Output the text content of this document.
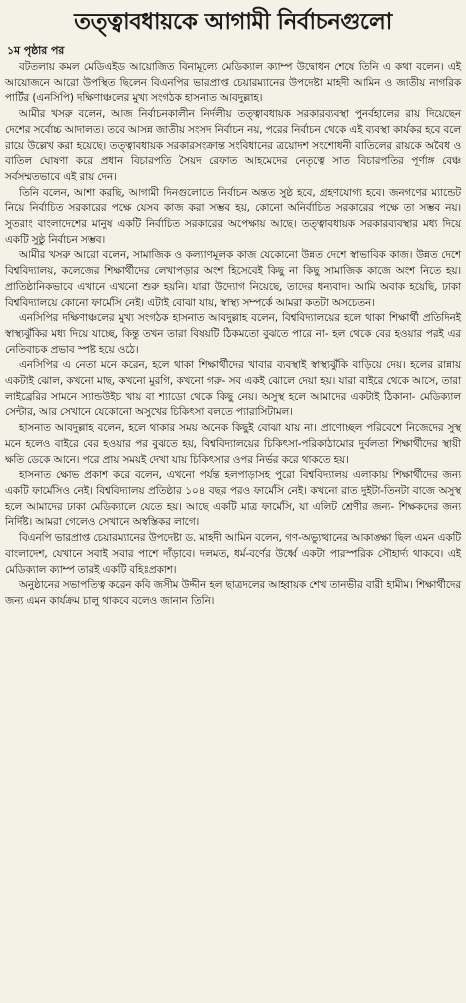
তত্ত্বাবধায়কে আগামী নির্বাচনগুলো
১ম পৃষ্ঠার পর

বটতলায় কমল মেডিএইড আয়োজিত বিনামূল্যে মেডিক্যাল ক্যাম্প উদ্বোধন শেষে তিনি এ কথা বলেন। এই আয়োজনে আরো উপস্থিত ছিলেন বিএনপির ভারপ্রাপ্ত চেয়ারম্যানের উপদেষ্টা মাহদী আমিন ও জাতীয় নাগরিক পার্টির (এনসিপি) দক্ষিণাঞ্চলের মুখ্য সংগঠক হাসনাত আবদুল্লাহ।

আমীর খসরু বলেন, আজ নির্বাচনকালীন নির্দলীয় তত্ত্বাবধায়ক সরকারব্যবস্থা পুনর্বহালের রায় দিয়েছেন দেশের সর্বোচ্চ আদালত। তবে আসন্ন জাতীয় সংসদ নির্বাচন নয়, পরের নির্বাচন থেকে এই ব্যবস্থা কার্যকর হবে বলে রায়ে উল্লেখ করা হয়েছে। তত্ত্বাবধায়ক সরকারসংক্রান্ত সংবিধানের ত্রয়োদশ সংশোধনী বাতিলের রায়কে অবৈধ ও বাতিল ঘোষণা করে প্রধান বিচারপতি সৈয়দ রেফাত আহমেদের নেতৃত্বে সাত বিচারপতির পূর্ণাঙ্গ বেঞ্চ সর্বসম্মতভাবে এই রায় দেন।

তিনি বলেন, আশা করছি, আগামী দিনগুলোতে নির্বাচন অন্তত সুষ্ঠ হবে, গ্রহণযোগ্য হবে। জনগণের ম্যান্ডেট নিয়ে নির্বাচিত সরকারের পক্ষে যেসব কাজ করা সম্ভব হয়, কোনো অনির্বাচিত সরকারের পক্ষে তা সম্ভব নয়। সুতরাং বাংলাদেশের মানুষ একটি নির্বাচিত সরকারের অপেক্ষায় আছে। তত্ত্বাবধায়ক সরকারব্যবস্থার মধ্য দিয়ে একটি সুষ্ঠু নির্বাচন সম্ভব।

আমীর খসরু আরো বলেন, সামাজিক ও কল্যাণমূলক কাজ যেকোনো উন্নত দেশে স্বাভাবিক কাজ। উন্নত দেশে বিশ্ববিদ্যালয়, কলেজের শিক্ষার্থীদের লেখাপড়ার অংশ হিসেবেই কিছু না কিছু সামাজিক কাজে অংশ নিতে হয়। প্রাতিষ্ঠানিকভাবে এখানে এখনো শুরু হয়নি। যারা উদ্যোগ নিয়েছে, তাদের ধন্যবাদ। আমি অবাক হয়েছি, ঢাকা বিশ্ববিদ্যালয়ে কোনো ফার্মেসি নেই। এটাই বোঝা যায়, স্বাস্থ্য সম্পর্কে আমরা কতটা অসচেতন।

এনসিপির দক্ষিণাঞ্চলের মুখ্য সংগঠক হাসনাত আবদুল্লাহ বলেন, বিশ্ববিদ্যালয়ের হলে থাকা শিক্ষার্থী প্রতিদিনই স্বাস্থ্যঝুঁকির মধ্য দিয়ে যাচ্ছে, কিন্তু তখন তারা বিষয়টি ঠিকমতো বুঝতে পারে না- হল থেকে বের হওয়ার পরই এর নেতিবাচক প্রভাব স্পষ্ট হয়ে ওঠে।

এনসিপির এ নেতা মনে করেন, হলে থাকা শিক্ষার্থীদের খাবার ব্যবস্থাই স্বাস্থ্যঝুঁকি বাড়িয়ে দেয়। হলের রান্নায় একটাই ঝোল, কখনো মাছ, কখনো মুরগি, কখনো গরু- সব একই ঝোলে দেয়া হয়। যারা বাইরে থেকে আসে, তারা লাইব্রেরির সামনে স্যান্ডউইচ খায় বা শ্যাডো থেকে কিছু নেয়। অসুস্থ হলে আমাদের একটাই ঠিকানা- মেডিক্যাল সেন্টার, আর সেখানে যেকোনো অসুখের চিকিৎসা বলতে প্যারাসিটামল।

হাসনাত আবদুল্লাহ বলেন, হলে থাকার সময় অনেক কিছুই বোঝা যায় না। প্রাণোচ্ছল পরিবেশে নিজেদের সুস্থ মনে হলেও বাইরে বের হওয়ার পর বুঝতে হয়, বিশ্ববিদ্যালয়ের চিকিৎসা-পরিকাঠামোর দুর্বলতা শিক্ষার্থীদের স্থায়ী ক্ষতি ডেকে আনে। পরে প্রায় সময়ই দেখা যায় চিকিৎসার ওপর নির্ভর করে থাকতে হয়।

হাসনাত ক্ষোভ প্রকাশ করে বলেন, এখনো পর্যন্ত হলপাড়াসহ পুরো বিশ্ববিদ্যালয় এলাকায় শিক্ষার্থীদের জন্য একটি ফার্মেসিও নেই। বিশ্ববিদ্যালয় প্রতিষ্ঠার ১০৪ বছর পরও ফার্মেসি নেই। কখনো রাত দুইটা-তিনটা বাজে অসুস্থ হলে আমাদের ঢাকা মেডিক্যালে যেতে হয়। আছে একটি মাত্র ফার্মেসি, যা এলিট শ্রেণীর জন্য- শিক্ষকদের জন্য নির্দিষ্ট। আমরা গেলেও সেখানে অস্বস্তিকর লাগে।

বিএনপি ভারপ্রাপ্ত চেয়ারম্যানের উপদেষ্টা ড. মাহদী আমিন বলেন, গণ-অভ্যুত্থানের আকাঙ্ক্ষা ছিল এমন একটি বাংলাদেশ, যেখানে সবাই সবার পাশে দাঁড়াবে। দলমত, ধর্ম-বর্ণের উর্ধ্বে একটা পারস্পরিক সৌহার্দ্য থাকবে। এই মেডিক্যাল ক্যাম্প তারই একটি বহিঃপ্রকাশ।

অনুষ্ঠানের সভাপতিত্ব করেন কবি জসীম উদ্দীন হল ছাত্রদলের আহ্বায়ক শেখ তানভীর বারী হামীম। শিক্ষার্থীদের জন্য এমন কার্যক্রম চালু থাকবে বলেও জানান তিনি।
